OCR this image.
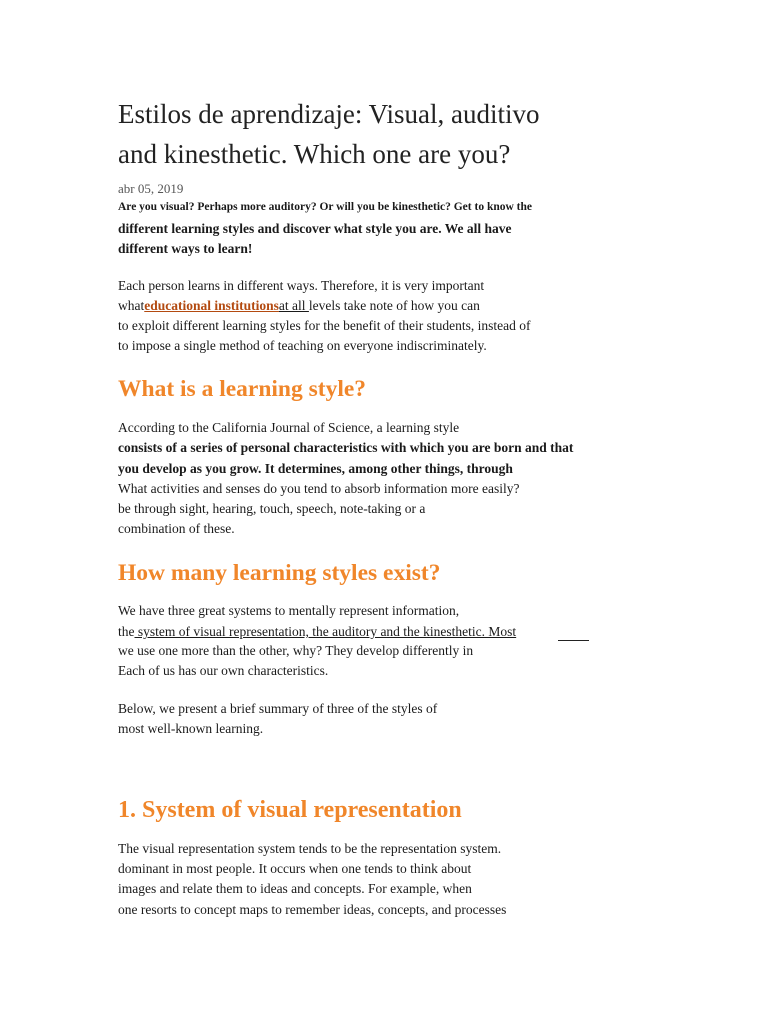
Estilos de aprendizaje: Visual, auditivo
and kinesthetic. Which one are you?
abr 05, 2019
Are you visual? Perhaps more auditory? Or will you be kinesthetic? Get to know the
different learning styles and discover what style you are. We all have
different ways to learn!
Each person learns in different ways. Therefore, it is very important
whateducational institutionsat all levels take note of how you can
to exploit different learning styles for the benefit of their students, instead of
to impose a single method of teaching on everyone indiscriminately.
What is a learning style?
According to the California Journal of Science, a learning style
consists of a series of personal characteristics with which you are born and that
you develop as you grow. It determines, among other things, through
What activities and senses do you tend to absorb information more easily?
be through sight, hearing, touch, speech, note-taking or a
combination of these.
How many learning styles exist?
We have three great systems to mentally represent information,
the system of visual representation, the auditory and the kinesthetic. Most
we use one more than the other, why? They develop differently in
Each of us has our own characteristics.
Below, we present a brief summary of three of the styles of
most well-known learning.
1. System of visual representation
The visual representation system tends to be the representation system.
dominant in most people. It occurs when one tends to think about
images and relate them to ideas and concepts. For example, when
one resorts to concept maps to remember ideas, concepts, and processes
